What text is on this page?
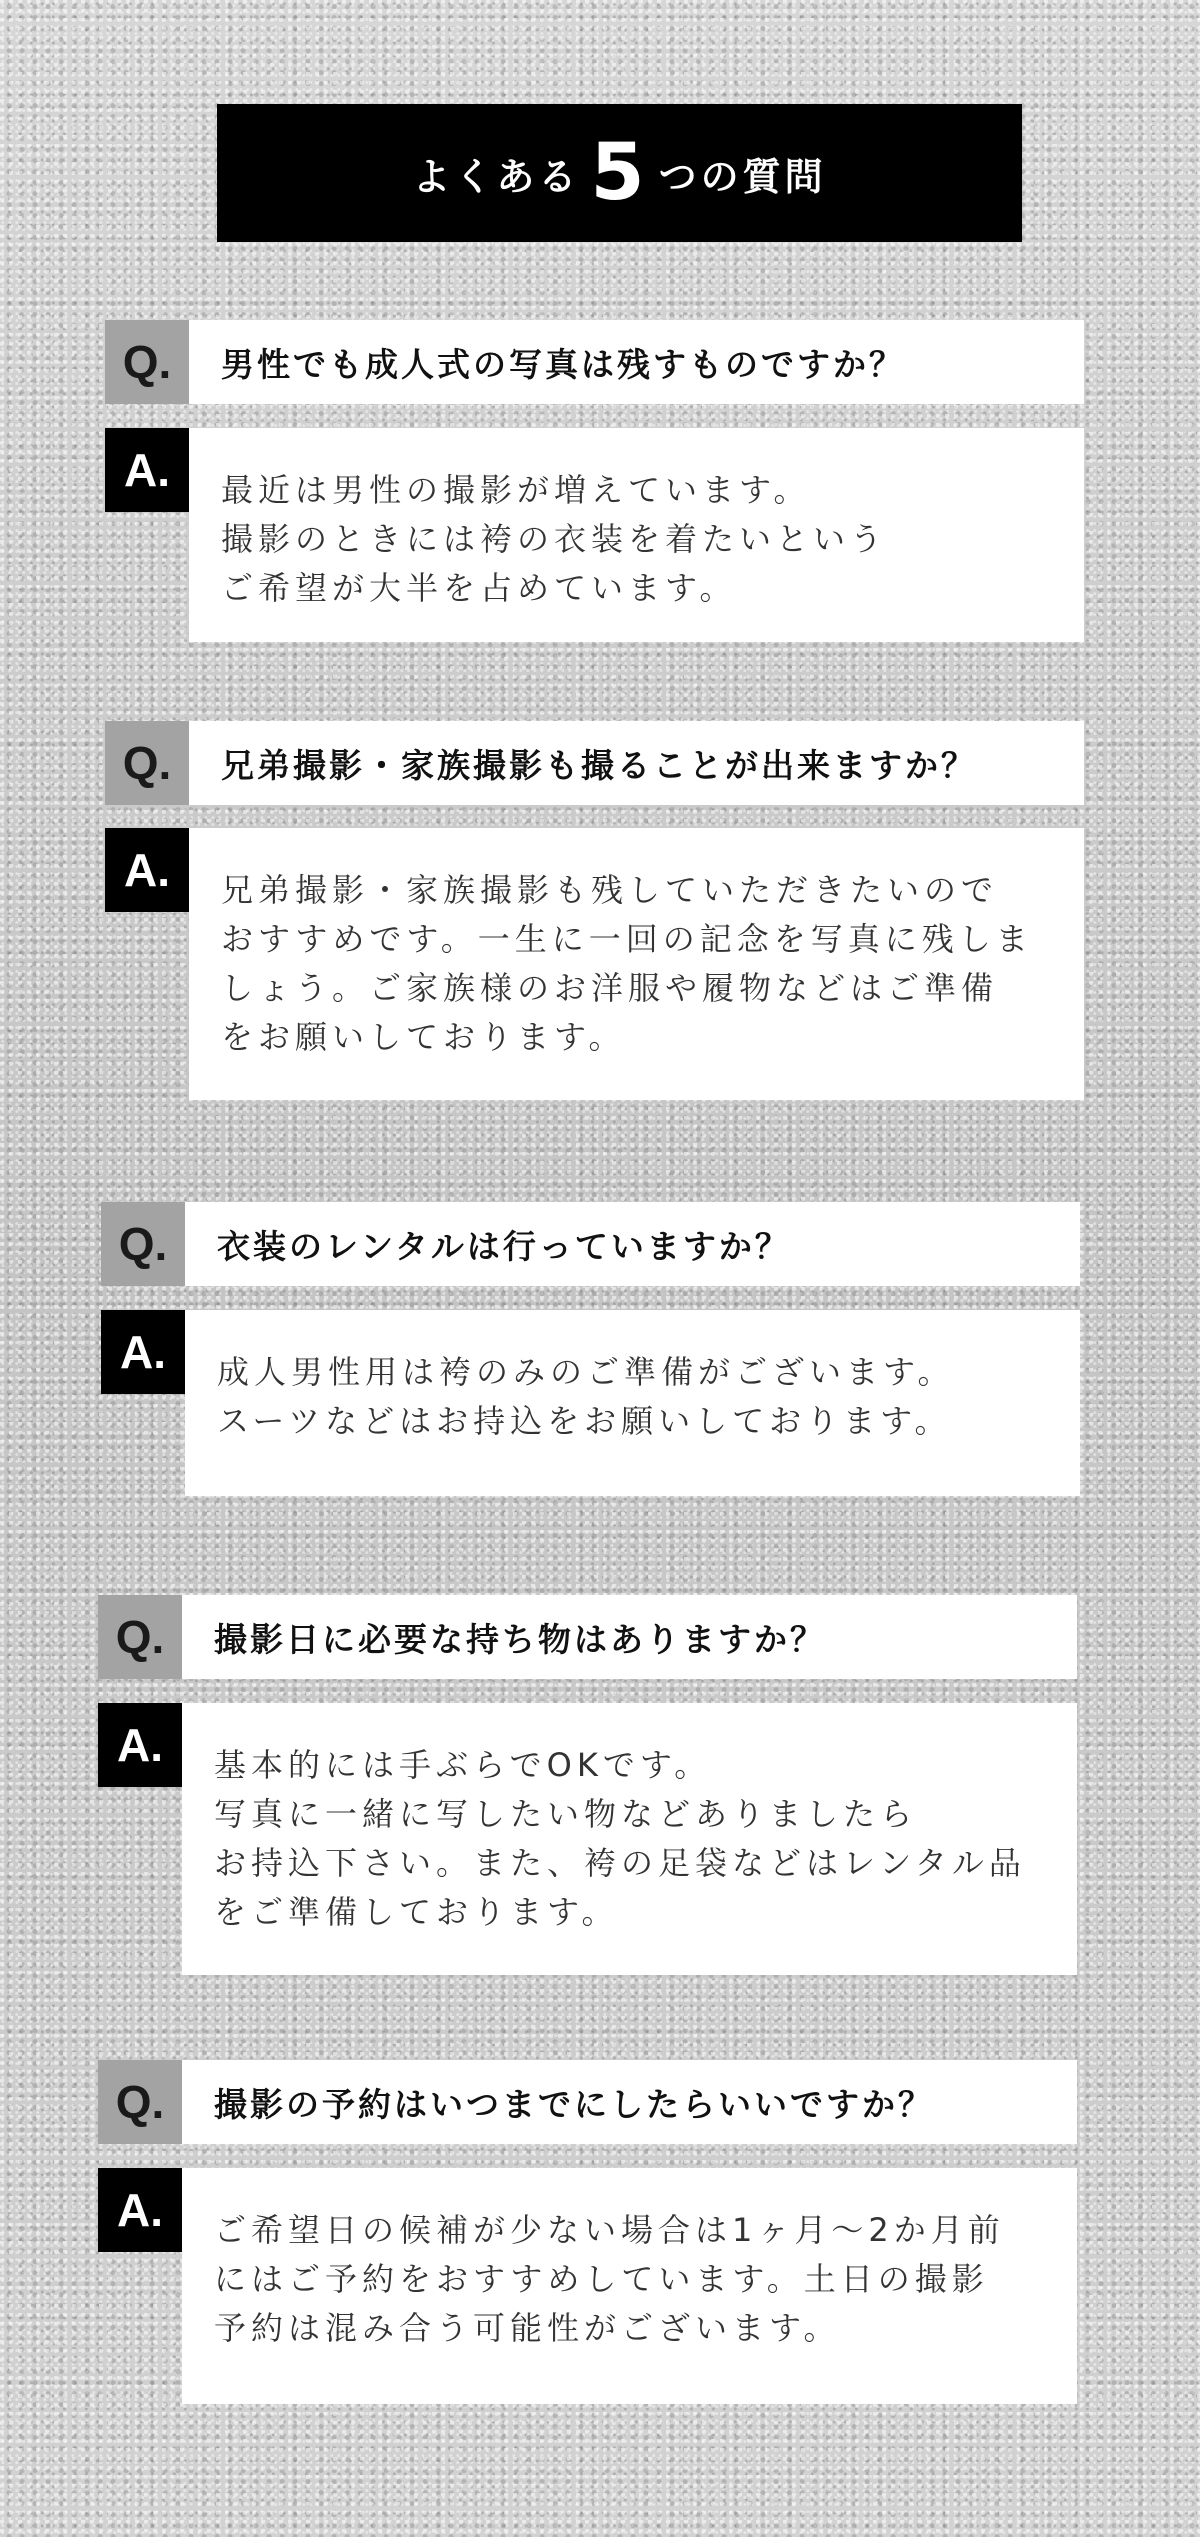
よくある 5 つの質問
Q.	男性でも成人式の写真は残すものですか？
A.	最近は男性の撮影が増えています。
撮影のときには袴の衣装を着たいという
ご希望が大半を占めています。
Q.	兄弟撮影・家族撮影も撮ることが出来ますか？
A.	兄弟撮影・家族撮影も残していただきたいので
おすすめです。一生に一回の記念を写真に残しま
しょう。ご家族様のお洋服や履物などはご準備
をお願いしております。
Q.	衣装のレンタルは行っていますか？
A.	成人男性用は袴のみのご準備がございます。
スーツなどはお持込をお願いしております。
Q.	撮影日に必要な持ち物はありますか？
A.	基本的には手ぶらでOKです。
写真に一緒に写したい物などありましたら
お持込下さい。また、袴の足袋などはレンタル品
をご準備しております。
Q.	撮影の予約はいつまでにしたらいいですか？
A.	ご希望日の候補が少ない場合は1ヶ月〜2か月前
にはご予約をおすすめしています。土日の撮影
予約は混み合う可能性がございます。
